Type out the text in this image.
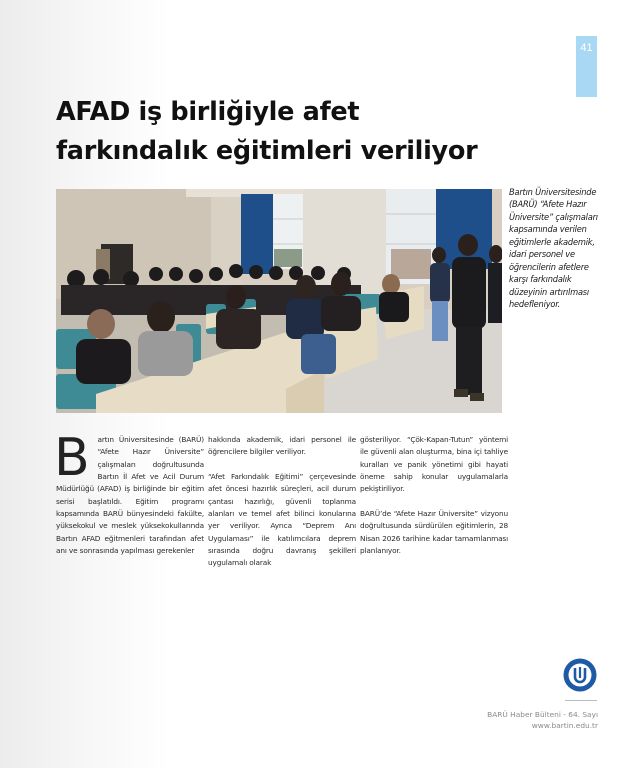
41
AFAD iş birliğiyle afet farkındalık eğitimleri veriliyor

Bartın Üniversitesinde (BARÜ) “Afete Hazır Üniversite” çalışmaları kapsamında verilen eğitimlerle akademik, idari personel ve öğrencilerin afetlere karşı farkındalık düzeyinin artırılması hedefleniyor.

B artın Üniversitesinde (BARÜ) “Afete Hazır Üniversite” çalışmaları doğrultusunda Bartın İl Afet ve Acil Durum Müdürlüğü (AFAD) iş birliğinde bir eğitim serisi başlatıldı. Eğitim programı kapsamında BARÜ bünyesindeki fakülte, yüksekokul ve meslek yüksekokullarında Bartın AFAD eğitmenleri tarafından afet anı ve sonrasında yapılması gerekenler

hakkında akademik, idari personel ile öğrencilere bilgiler veriliyor.

“Afet Farkındalık Eğitimi” çerçevesinde afet öncesi hazırlık süreçleri, acil durum çantası hazırlığı, güvenli toplanma alanları ve temel afet bilinci konularına yer veriliyor. Ayrıca “Deprem Anı Uygulaması” ile katılımcılara deprem sırasında doğru davranış şekilleri uygulamalı olarak

gösteriliyor. “Çök-Kapan-Tutun” yöntemi ile güvenli alan oluşturma, bina içi tahliye kuralları ve panik yönetimi gibi hayati öneme sahip konular uygulamalarla pekiştiriliyor.

BARÜ’de “Afete Hazır Üniversite” vizyonu doğrultusunda sürdürülen eğitimlerin, 28 Nisan 2026 tarihine kadar tamamlanması planlanıyor.

BARÜ Haber Bülteni - 64. Sayı
www.bartin.edu.tr
